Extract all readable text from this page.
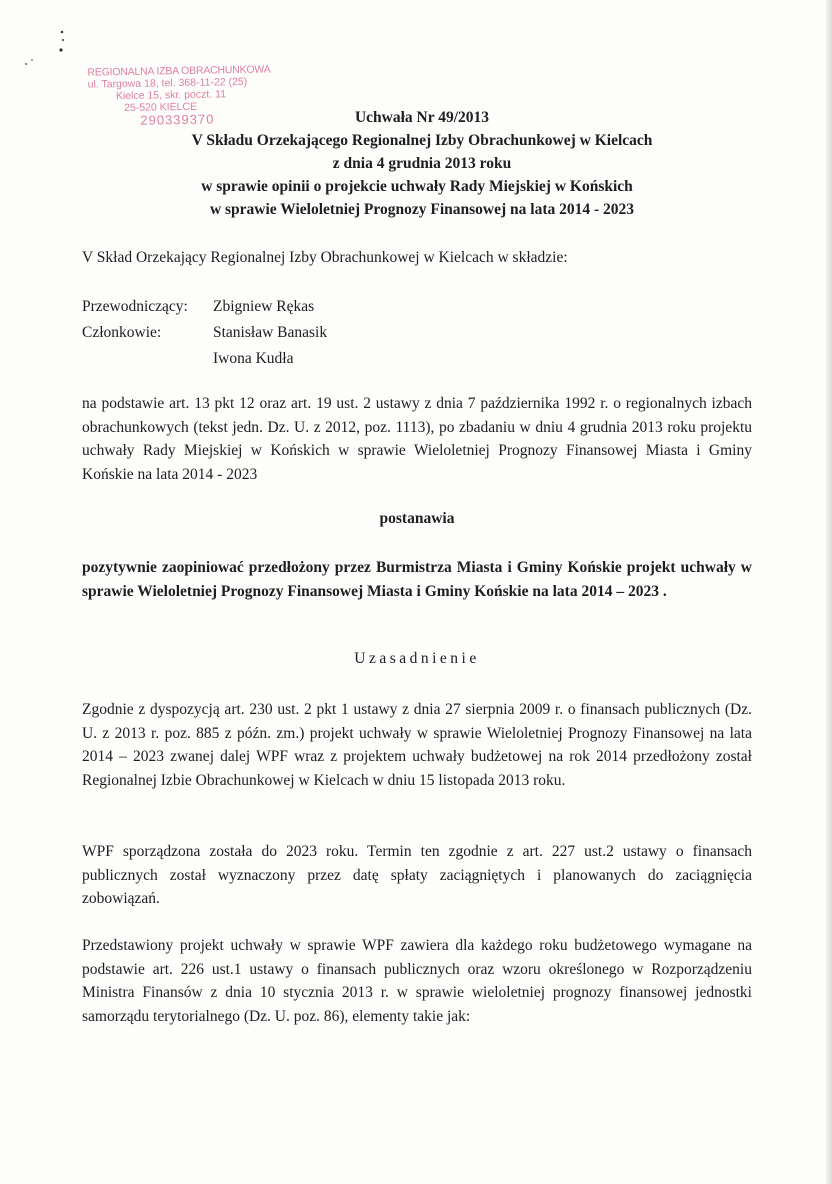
REGIONALNA IZBA OBRACHUNKOWA
ul. Targowa 18, tel. 368-11-22 (25)
Kielce 15, skr. poczt. 11
25-520 KIELCE
290339370	Uchwała Nr 49/2013
V Składu Orzekającego Regionalnej Izby Obrachunkowej w Kielcach
z dnia 4 grudnia 2013 roku
w sprawie opinii o projekcie uchwały Rady Miejskiej w Końskich
w sprawie Wieloletniej Prognozy Finansowej na lata 2014 - 2023
V Skład Orzekający Regionalnej Izby Obrachunkowej w Kielcach w składzie:
Przewodniczący: Zbigniew Rękas
Członkowie:	Stanisław Banasik
Iwona Kudła
na podstawie art. 13 pkt 12 oraz art. 19 ust. 2 ustawy z dnia 7 października 1992 r. o regionalnych izbach obrachunkowych (tekst jedn. Dz. U. z 2012, poz. 1113), po zbadaniu w dniu 4 grudnia 2013 roku projektu uchwały Rady Miejskiej w Końskich w sprawie Wieloletniej Prognozy Finansowej Miasta i Gminy Końskie na lata 2014 - 2023
postanawia
pozytywnie zaopiniować przedłożony przez Burmistrza Miasta i Gminy Końskie projekt uchwały w sprawie Wieloletniej Prognozy Finansowej Miasta i Gminy Końskie na lata 2014 – 2023 .
Uzasadnienie
Zgodnie z dyspozycją art. 230 ust. 2 pkt 1 ustawy z dnia 27 sierpnia 2009 r. o finansach publicznych (Dz. U. z 2013 r. poz. 885 z późn. zm.) projekt uchwały w sprawie Wieloletniej Prognozy Finansowej na lata 2014 – 2023 zwanej dalej WPF wraz z projektem uchwały budżetowej na rok 2014 przedłożony został Regionalnej Izbie Obrachunkowej w Kielcach w dniu 15 listopada 2013 roku.
WPF sporządzona została do 2023 roku. Termin ten zgodnie z art. 227 ust.2 ustawy o finansach publicznych został wyznaczony przez datę spłaty zaciągniętych i planowanych do zaciągnięcia zobowiązań.
Przedstawiony projekt uchwały w sprawie WPF zawiera dla każdego roku budżetowego wymagane na podstawie art. 226 ust.1 ustawy o finansach publicznych oraz wzoru określonego w Rozporządzeniu Ministra Finansów z dnia 10 stycznia 2013 r. w sprawie wieloletniej prognozy finansowej jednostki samorządu terytorialnego (Dz. U. poz. 86), elementy takie jak:
